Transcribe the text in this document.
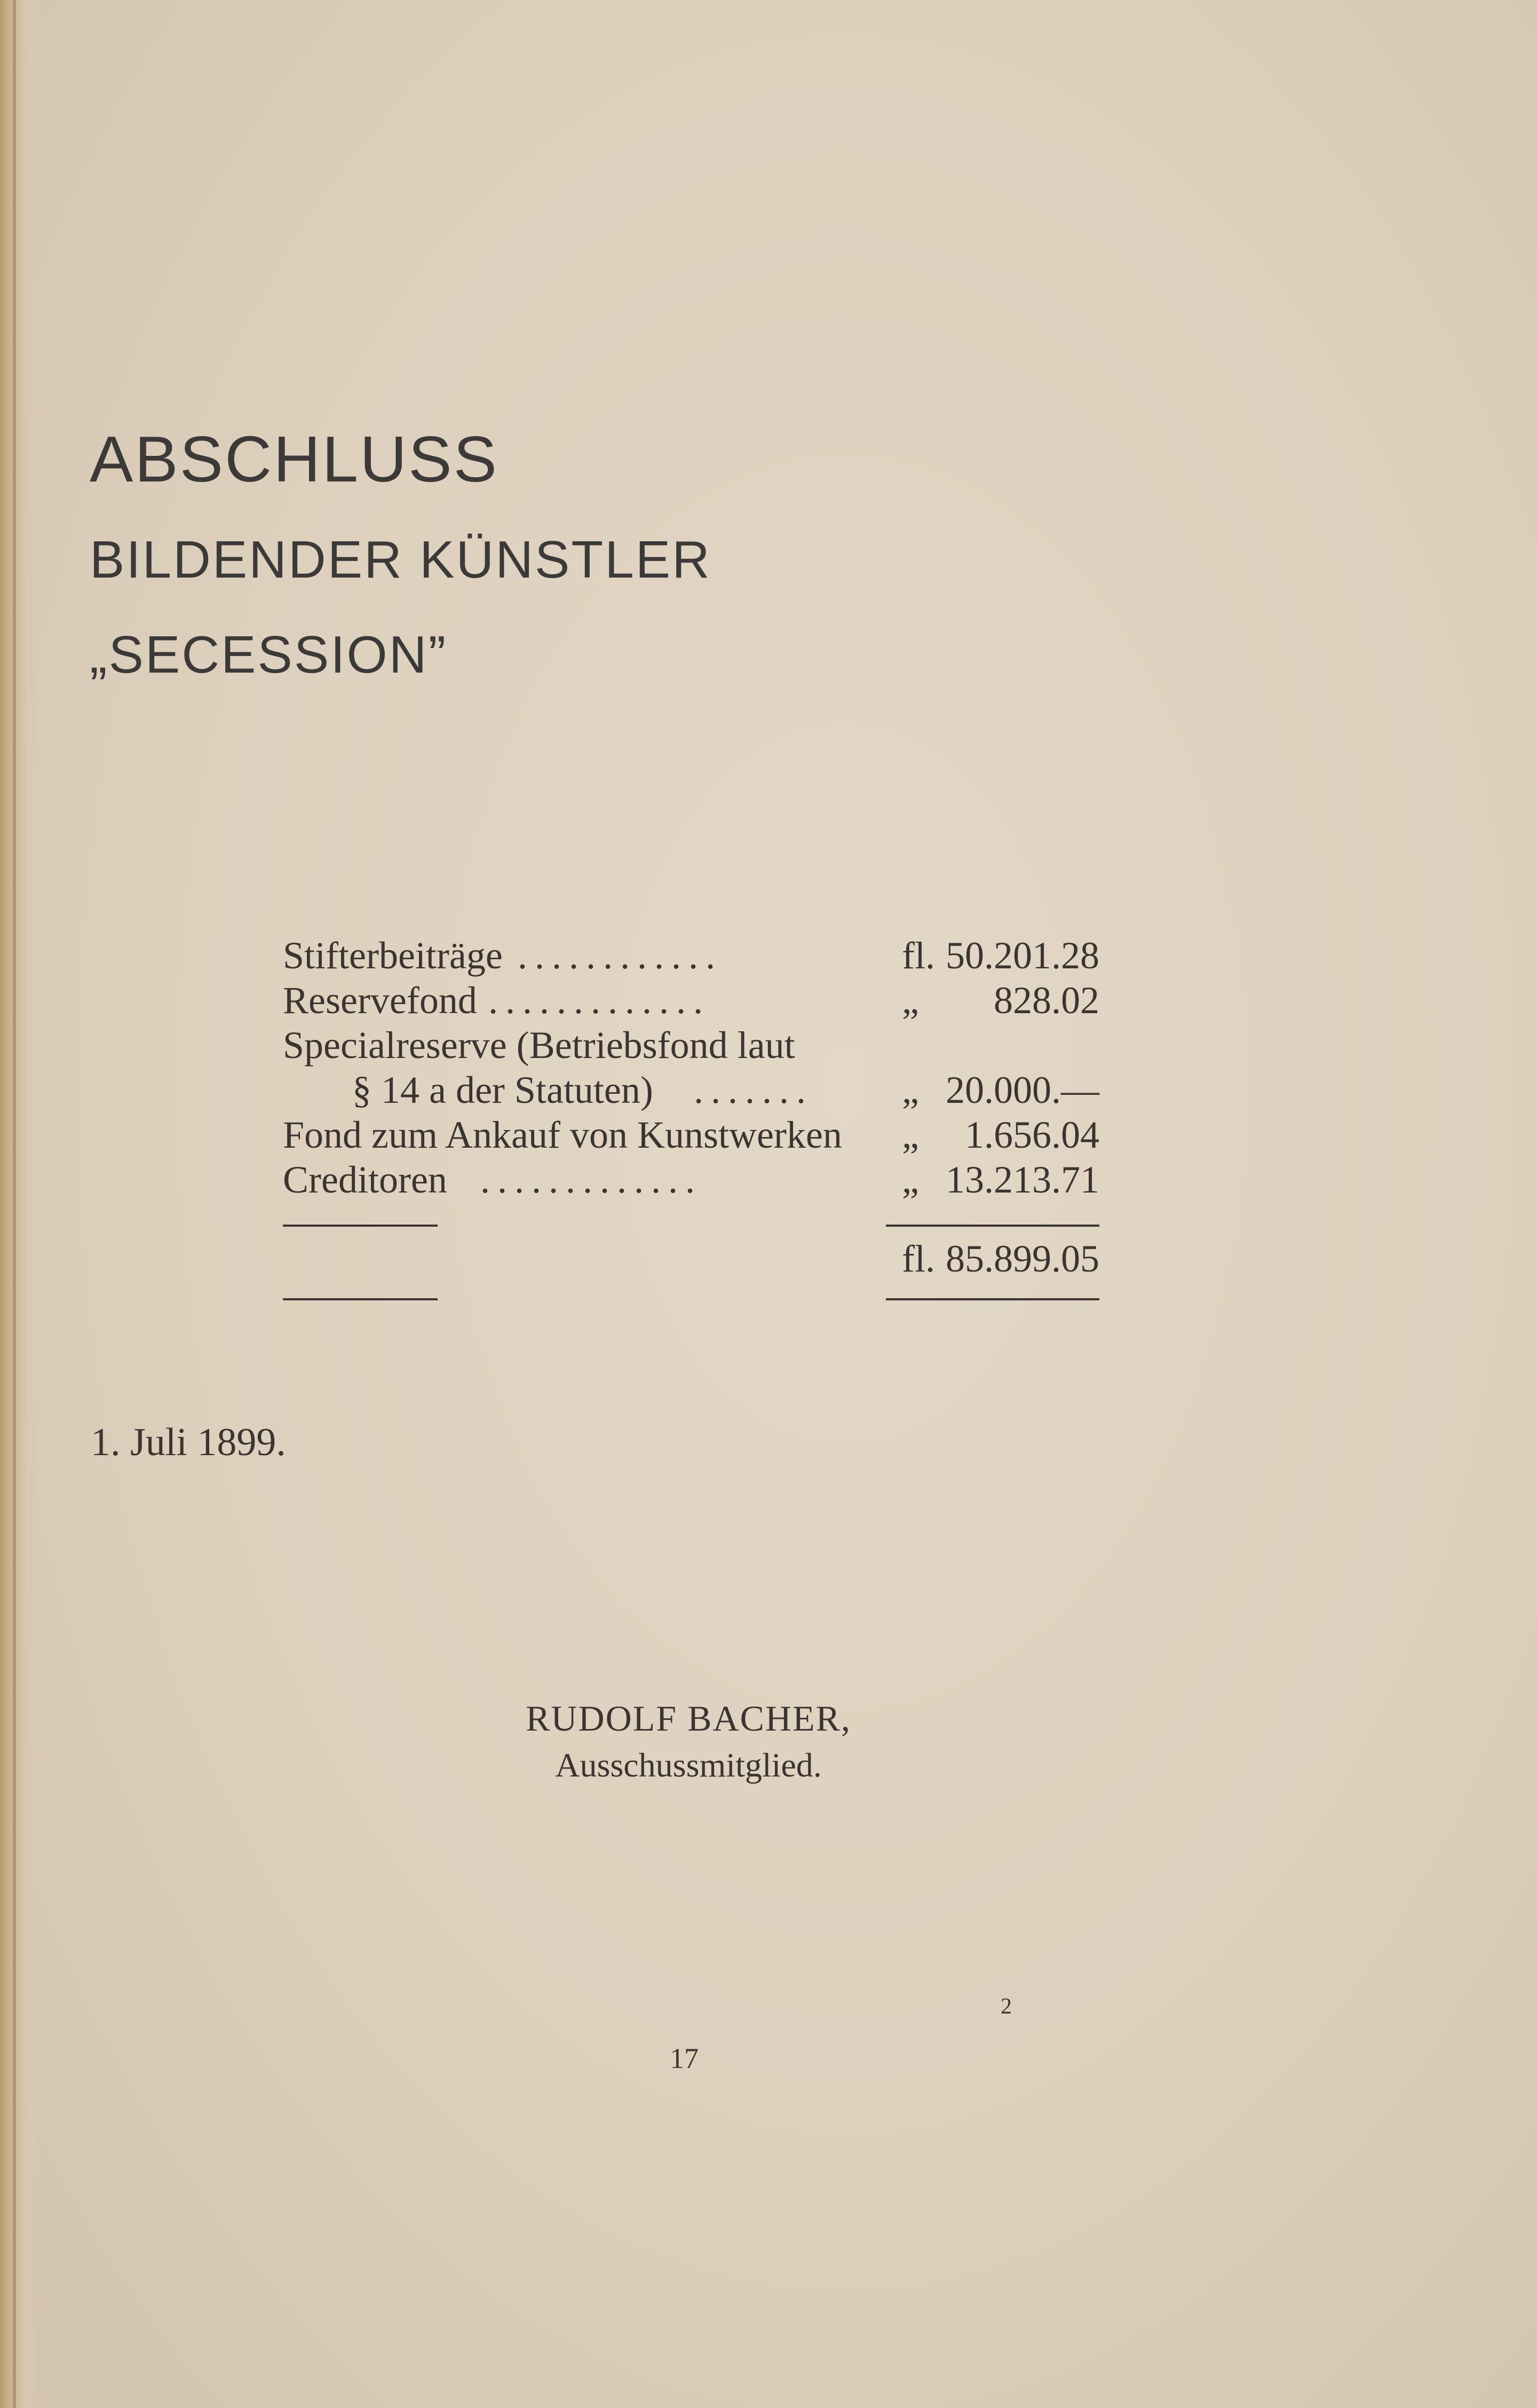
ABSCHLUSS
BILDENDER KÜNSTLER
„SECESSION”
Stifterbeiträge ............	fl. 50.201.28
Reservefond .............	„ 828.02
Specialreserve (Betriebsfond laut
§ 14 a der Statuten) ....... „ 20.000.—
Fond zum Ankauf von Kunstwerken „ 1.656.04
Creditoren .............	„ 13.213.71
fl. 85.899.05
1. Juli 1899.
RUDOLF BACHER,
Ausschussmitglied.
2
17
